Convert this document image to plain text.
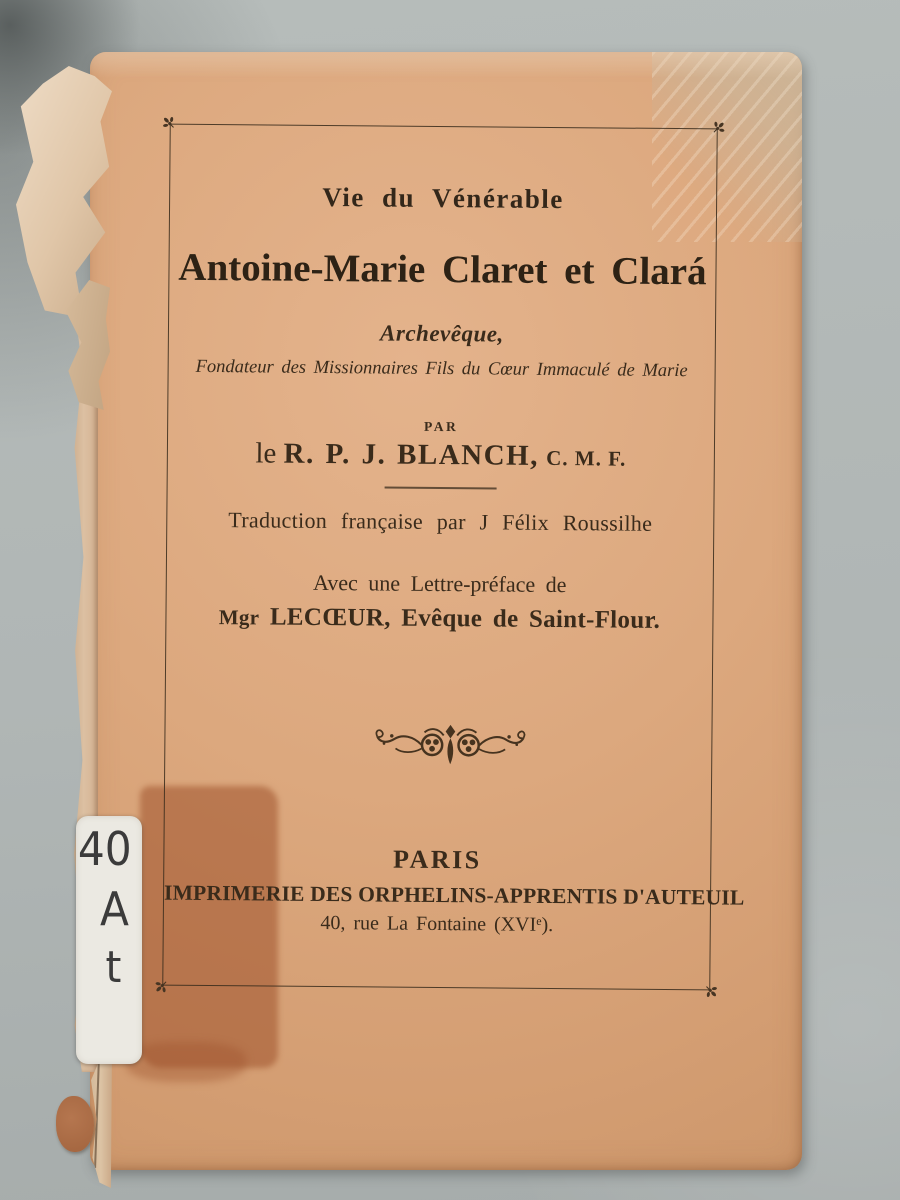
Vie du Vénérable
Antoine-Marie Claret et Clará
Archevêque,
Fondateur des Missionnaires Fils du Cœur Immaculé de Marie
PAR
le R. P. J. BLANCH, C. M. F.
Traduction française par J Félix Roussilhe
Avec une Lettre-préface de
Mgr LECŒUR, Evêque de Saint-Flour.
PARIS
IMPRIMERIE DES ORPHELINS-APPRENTIS D'AUTEUIL
40, rue La Fontaine (XVIe).
40
A
t
